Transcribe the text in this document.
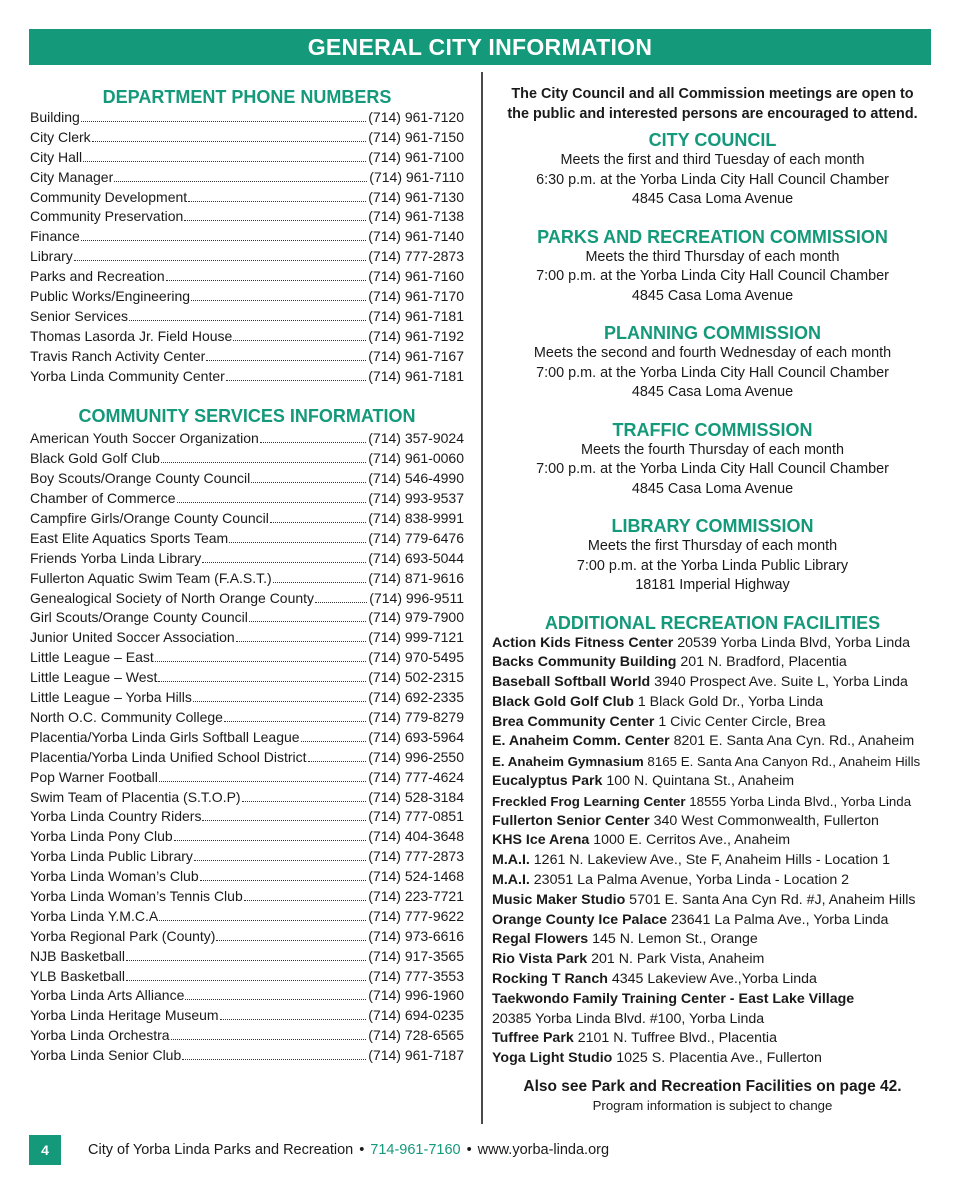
GENERAL CITY INFORMATION
DEPARTMENT PHONE NUMBERS
Building	(714) 961-7120
City Clerk	(714) 961-7150
City Hall	(714) 961-7100
City Manager	(714) 961-7110
Community Development	(714) 961-7130
Community Preservation	(714) 961-7138
Finance	(714) 961-7140
Library	(714) 777-2873
Parks and Recreation	(714) 961-7160
Public Works/Engineering	(714) 961-7170
Senior Services	(714) 961-7181
Thomas Lasorda Jr. Field House	(714) 961-7192
Travis Ranch Activity Center	(714) 961-7167
Yorba Linda Community Center	(714) 961-7181
COMMUNITY SERVICES INFORMATION
American Youth Soccer Organization	(714) 357-9024
Black Gold Golf Club	(714) 961-0060
Boy Scouts/Orange County Council	(714) 546-4990
Chamber of Commerce	(714) 993-9537
Campfire Girls/Orange County Council	(714) 838-9991
East Elite Aquatics Sports Team	(714) 779-6476
Friends Yorba Linda Library	(714) 693-5044
Fullerton Aquatic Swim Team (F.A.S.T.)	(714) 871-9616
Genealogical Society of North Orange County	(714) 996-9511
Girl Scouts/Orange County Council	(714) 979-7900
Junior United Soccer Association	(714) 999-7121
Little League – East	(714) 970-5495
Little League – West	(714) 502-2315
Little League – Yorba Hills	(714) 692-2335
North O.C. Community College	(714) 779-8279
Placentia/Yorba Linda Girls Softball League	(714) 693-5964
Placentia/Yorba Linda Unified School District	(714) 996-2550
Pop Warner Football	(714) 777-4624
Swim Team of Placentia (S.T.O.P)	(714) 528-3184
Yorba Linda Country Riders	(714) 777-0851
Yorba Linda Pony Club	(714) 404-3648
Yorba Linda Public Library	(714) 777-2873
Yorba Linda Woman’s Club	(714) 524-1468
Yorba Linda Woman’s Tennis Club	(714) 223-7721
Yorba Linda Y.M.C.A	(714) 777-9622
Yorba Regional Park (County)	(714) 973-6616
NJB Basketball	(714) 917-3565
YLB Basketball	(714) 777-3553
Yorba Linda Arts Alliance	(714) 996-1960
Yorba Linda Heritage Museum	(714) 694-0235
Yorba Linda Orchestra	(714) 728-6565
Yorba Linda Senior Club	(714) 961-7187
The City Council and all Commission meetings are open to
the public and interested persons are encouraged to attend.
CITY COUNCIL
Meets the first and third Tuesday of each month
6:30 p.m. at the Yorba Linda City Hall Council Chamber
4845 Casa Loma Avenue
PARKS AND RECREATION COMMISSION
Meets the third Thursday of each month
7:00 p.m. at the Yorba Linda City Hall Council Chamber
4845 Casa Loma Avenue
PLANNING COMMISSION
Meets the second and fourth Wednesday of each month
7:00 p.m. at the Yorba Linda City Hall Council Chamber
4845 Casa Loma Avenue
TRAFFIC COMMISSION
Meets the fourth Thursday of each month
7:00 p.m. at the Yorba Linda City Hall Council Chamber
4845 Casa Loma Avenue
LIBRARY COMMISSION
Meets the first Thursday of each month
7:00 p.m. at the Yorba Linda Public Library
18181 Imperial Highway
ADDITIONAL RECREATION FACILITIES
Action Kids Fitness Center 20539 Yorba Linda Blvd, Yorba Linda
Backs Community Building 201 N. Bradford, Placentia
Baseball Softball World 3940 Prospect Ave. Suite L, Yorba Linda
Black Gold Golf Club 1 Black Gold Dr., Yorba Linda
Brea Community Center 1 Civic Center Circle, Brea
E. Anaheim Comm. Center 8201 E. Santa Ana Cyn. Rd., Anaheim
E. Anaheim Gymnasium 8165 E. Santa Ana Canyon Rd., Anaheim Hills
Eucalyptus Park 100 N. Quintana St., Anaheim
Freckled Frog Learning Center 18555 Yorba Linda Blvd., Yorba Linda
Fullerton Senior Center 340 West Commonwealth, Fullerton
KHS Ice Arena 1000 E. Cerritos Ave., Anaheim
M.A.I. 1261 N. Lakeview Ave., Ste F, Anaheim Hills - Location 1
M.A.I. 23051 La Palma Avenue, Yorba Linda - Location 2
Music Maker Studio 5701 E. Santa Ana Cyn Rd. #J, Anaheim Hills
Orange County Ice Palace 23641 La Palma Ave., Yorba Linda
Regal Flowers 145 N. Lemon St., Orange
Rio Vista Park 201 N. Park Vista, Anaheim
Rocking T Ranch 4345 Lakeview Ave.,Yorba Linda
Taekwondo Family Training Center - East Lake Village
20385 Yorba Linda Blvd. #100, Yorba Linda
Tuffree Park 2101 N. Tuffree Blvd., Placentia
Yoga Light Studio 1025 S. Placentia Ave., Fullerton
Also see Park and Recreation Facilities on page 42.
Program information is subject to change
4	City of Yorba Linda Parks and Recreation • 714-961-7160 • www.yorba-linda.org
